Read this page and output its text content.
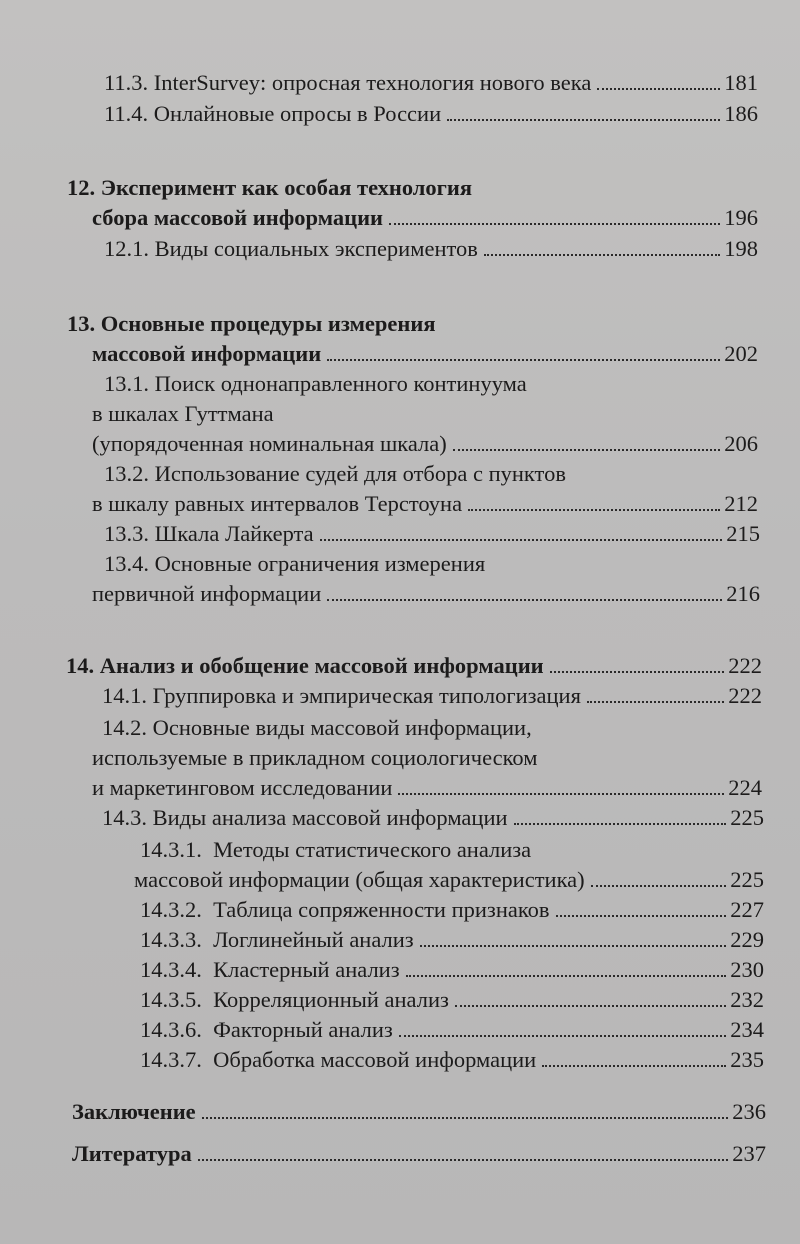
11.3. InterSurvey: опросная технология нового века	181
11.4. Онлайновые опросы в России	186
12. Эксперимент как особая технология
сбора массовой информации	196
12.1. Виды социальных экспериментов	198
13. Основные процедуры измерения
массовой информации	202
13.1. Поиск однонаправленного континуума
в шкалах Гуттмана
(упорядоченная номинальная шкала)	206
13.2. Использование судей для отбора с пунктов
в шкалу равных интервалов Терстоуна	212
13.3. Шкала Лайкерта	215
13.4. Основные ограничения измерения
первичной информации	216
14. Анализ и обобщение массовой информации	222
14.1. Группировка и эмпирическая типологизация	222
14.2. Основные виды массовой информации,
используемые в прикладном социологическом
и маркетинговом исследовании	224
14.3. Виды анализа массовой информации	225
14.3.1.  Методы статистического анализа
массовой информации (общая характеристика)	225
14.3.2.  Таблица сопряженности признаков	227
14.3.3.  Логлинейный анализ	229
14.3.4.  Кластерный анализ	230
14.3.5.  Корреляционный анализ	232
14.3.6.  Факторный анализ	234
14.3.7.  Обработка массовой информации	235
Заключение	236
Литература	237
